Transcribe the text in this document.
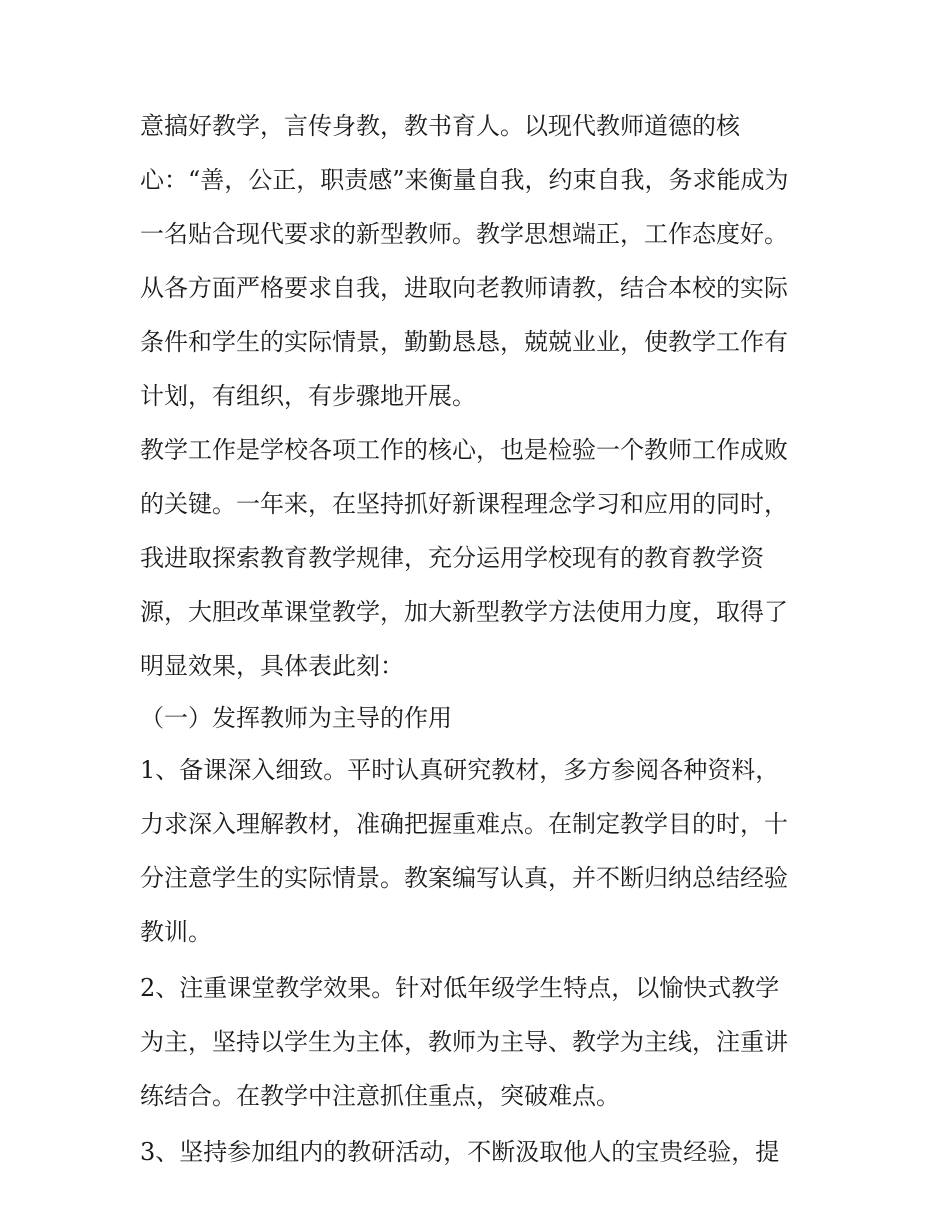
意搞好教学，言传身教，教书育人。以现代教师道德的核
心：“善，公正，职责感”来衡量自我，约束自我，务求能成为
一名贴合现代要求的新型教师。教学思想端正，工作态度好。
从各方面严格要求自我，进取向老教师请教，结合本校的实际
条件和学生的实际情景，勤勤恳恳，兢兢业业，使教学工作有
计划，有组织，有步骤地开展。
教学工作是学校各项工作的核心，也是检验一个教师工作成败
的关键。一年来，在坚持抓好新课程理念学习和应用的同时，
我进取探索教育教学规律，充分运用学校现有的教育教学资
源，大胆改革课堂教学，加大新型教学方法使用力度，取得了
明显效果，具体表此刻：
（一）发挥教师为主导的作用
1、备课深入细致。平时认真研究教材，多方参阅各种资料，
力求深入理解教材，准确把握重难点。在制定教学目的时，十
分注意学生的实际情景。教案编写认真，并不断归纳总结经验
教训。
2、注重课堂教学效果。针对低年级学生特点，以愉快式教学
为主，坚持以学生为主体，教师为主导、教学为主线，注重讲
练结合。在教学中注意抓住重点，突破难点。
3、坚持参加组内的教研活动，不断汲取他人的宝贵经验，提
